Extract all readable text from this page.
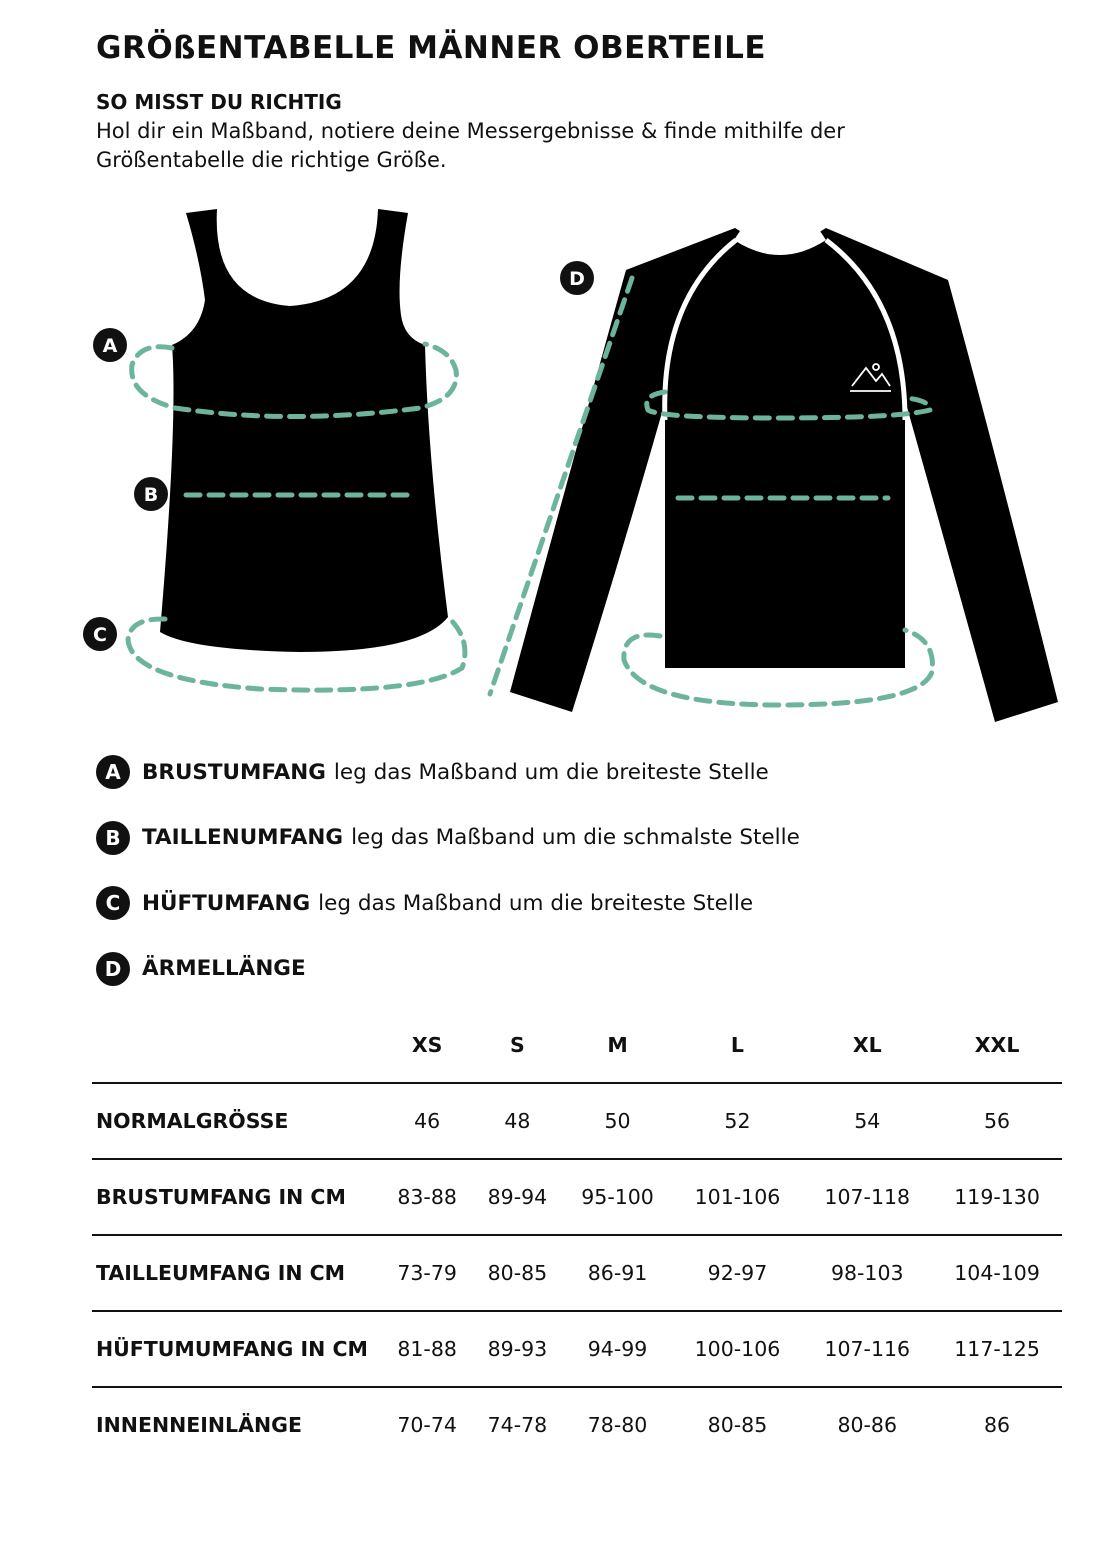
GRÖßENTABELLE MÄNNER OBERTEILE
SO MISST DU RICHTIG

Hol dir ein Maßband, notiere deine Messergebnisse & finde mithilfe der Größentabelle die richtige Größe.

A
B
C
D
A BRUSTUMFANG leg das Maßband um die breiteste Stelle
B TAILLENUMFANG leg das Maßband um die schmalste Stelle
C	HÜFTUMFANG leg das Maßband um die breiteste Stelle
D ÄRMELLÄNGE
	XS	S	M	L	XL	XXL
NORMALGRÖSSE	46	48	50	52	54	56
BRUSTUMFANG IN CM	83-88	89-94	95-100	101-106	107-118	119-130
TAILLEUMFANG IN CM	73-79	80-85	86-91	92-97	98-103	104-109
HÜFTUMUMFANG IN CM	81-88	89-93	94-99	100-106	107-116	117-125
INNENNEINLÄNGE	70-74	74-78	78-80	80-85	80-86	86
